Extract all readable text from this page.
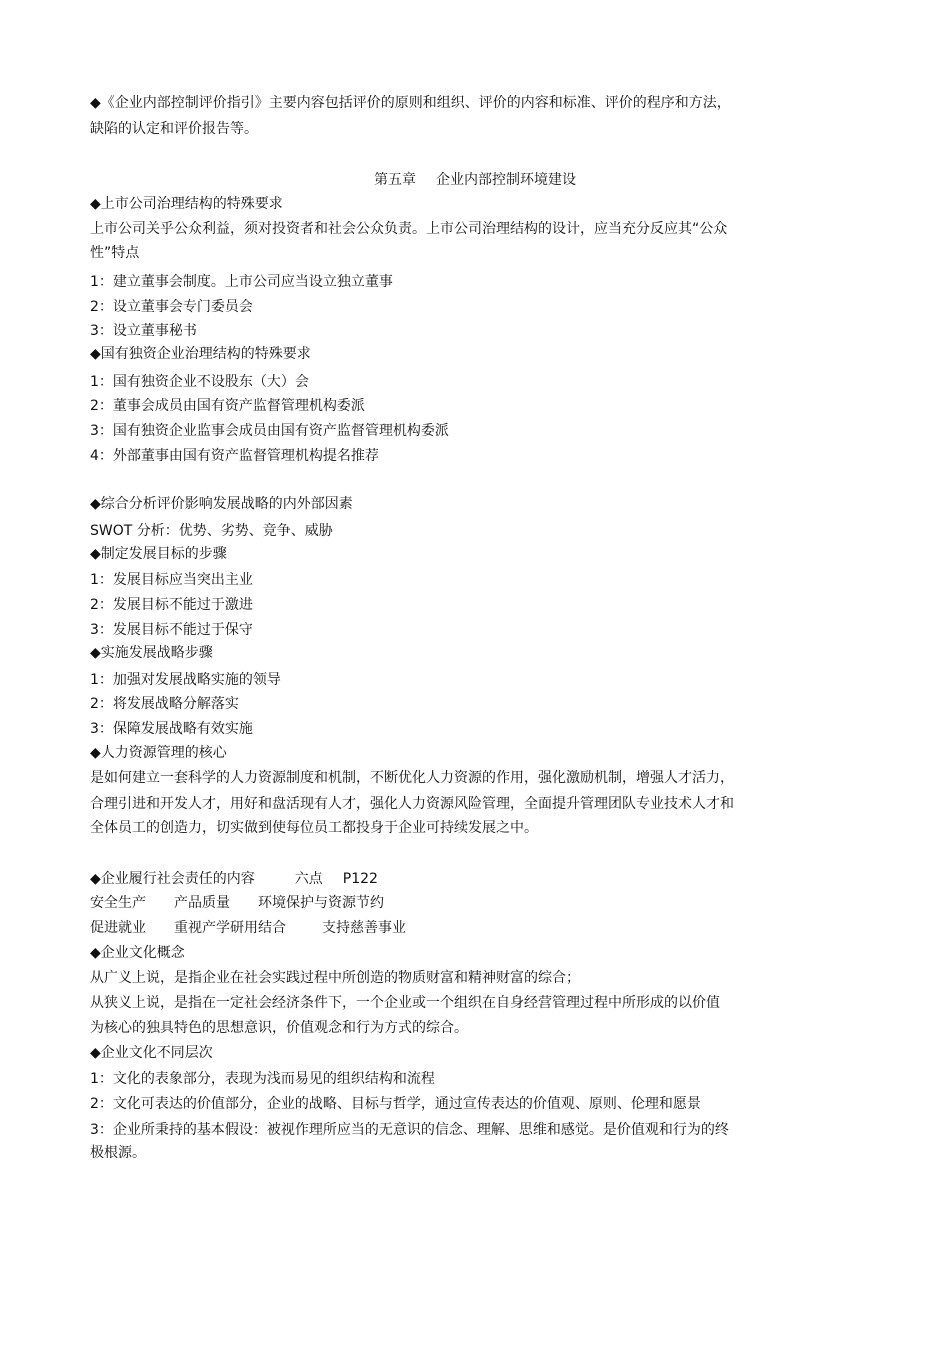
◆《企业内部控制评价指引》主要内容包括评价的原则和组织、评价的内容和标准、评价的程序和方法，
缺陷的认定和评价报告等。
第五章 企业内部控制环境建设
◆上市公司治理结构的特殊要求
上市公司关乎公众利益，须对投资者和社会公众负责。上市公司治理结构的设计，应当充分反应其“公众
性”特点
1：建立董事会制度。上市公司应当设立独立董事
2：设立董事会专门委员会
3：设立董事秘书
◆国有独资企业治理结构的特殊要求
1：国有独资企业不设股东（大）会
2：董事会成员由国有资产监督管理机构委派
3：国有独资企业监事会成员由国有资产监督管理机构委派
4：外部董事由国有资产监督管理机构提名推荐
◆综合分析评价影响发展战略的内外部因素
SWOT 分析：优势、劣势、竞争、威胁
◆制定发展目标的步骤
1：发展目标应当突出主业
2：发展目标不能过于激进
3：发展目标不能过于保守
◆实施发展战略步骤
1：加强对发展战略实施的领导
2：将发展战略分解落实
3：保障发展战略有效实施
◆人力资源管理的核心
是如何建立一套科学的人力资源制度和机制，不断优化人力资源的作用，强化激励机制，增强人才活力，
合理引进和开发人才，用好和盘活现有人才，强化人力资源风险管理，全面提升管理团队专业技术人才和
全体员工的创造力，切实做到使每位员工都投身于企业可持续发展之中。
◆企业履行社会责任的内容	六点 P122
安全生产 产品质量 环境保护与资源节约
促进就业 重视产学研用结合	支持慈善事业
◆企业文化概念
从广义上说，是指企业在社会实践过程中所创造的物质财富和精神财富的综合；
从狭义上说，是指在一定社会经济条件下，一个企业或一个组织在自身经营管理过程中所形成的以价值
为核心的独具特色的思想意识，价值观念和行为方式的综合。
◆企业文化不同层次
1：文化的表象部分，表现为浅而易见的组织结构和流程
2：文化可表达的价值部分，企业的战略、目标与哲学，通过宣传表达的价值观、原则、伦理和愿景
3：企业所秉持的基本假设：被视作理所应当的无意识的信念、理解、思维和感觉。是价值观和行为的终
极根源。
